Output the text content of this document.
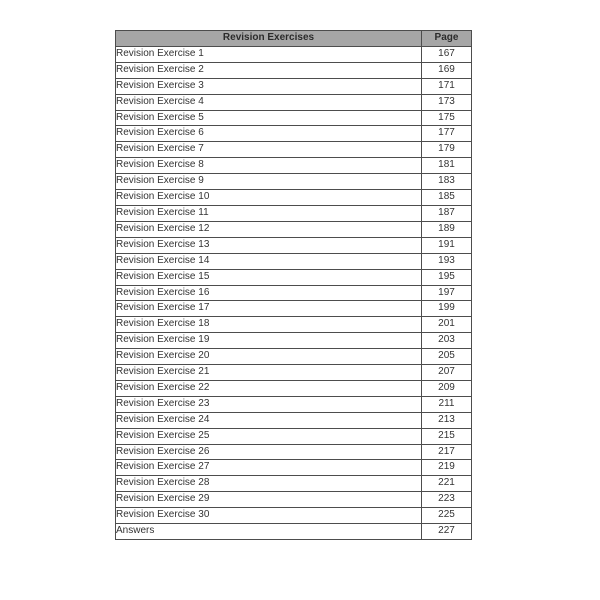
Revision Exercises	Page
Revision Exercise 1	167
Revision Exercise 2	169
Revision Exercise 3	171
Revision Exercise 4	173
Revision Exercise 5	175
Revision Exercise 6	177
Revision Exercise 7	179
Revision Exercise 8	181
Revision Exercise 9	183
Revision Exercise 10	185
Revision Exercise 11	187
Revision Exercise 12	189
Revision Exercise 13	191
Revision Exercise 14	193
Revision Exercise 15	195
Revision Exercise 16	197
Revision Exercise 17	199
Revision Exercise 18	201
Revision Exercise 19	203
Revision Exercise 20	205
Revision Exercise 21	207
Revision Exercise 22	209
Revision Exercise 23	211
Revision Exercise 24	213
Revision Exercise 25	215
Revision Exercise 26	217
Revision Exercise 27	219
Revision Exercise 28	221
Revision Exercise 29	223
Revision Exercise 30	225
Answers	227
